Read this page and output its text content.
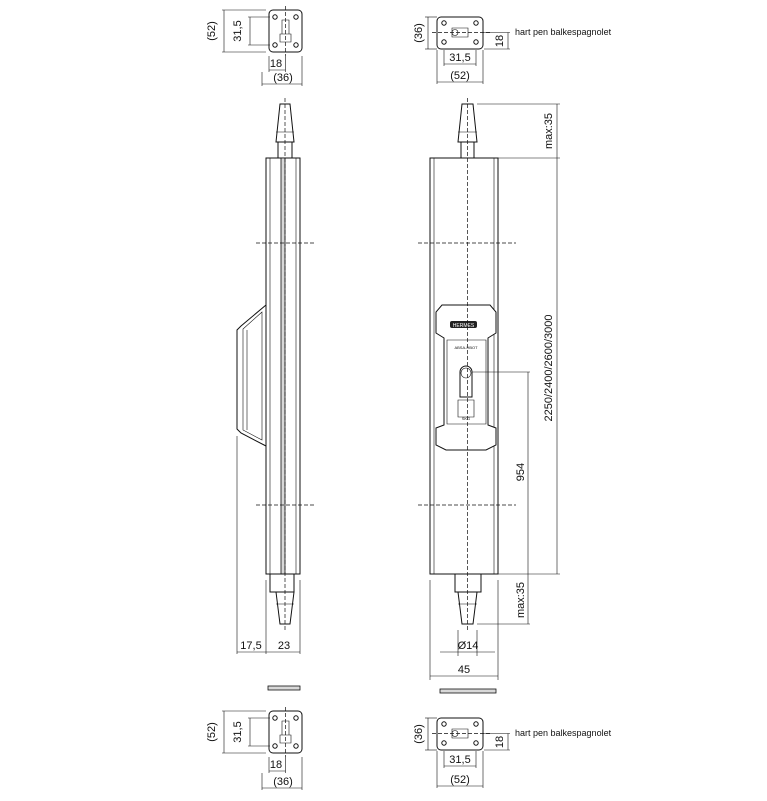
(52) 31,5
18
(36)
(36)	18
31,5
(52)
hart pen balkespagnolet
17,5 23
HERMES
ABSA-HBOT
SKG
max:35
2250/2400/2600/3000
954
max:35
Ø14
45
(52) 31,5
18
(36)
(36)	18
31,5
(52)
hart pen balkespagnolet
